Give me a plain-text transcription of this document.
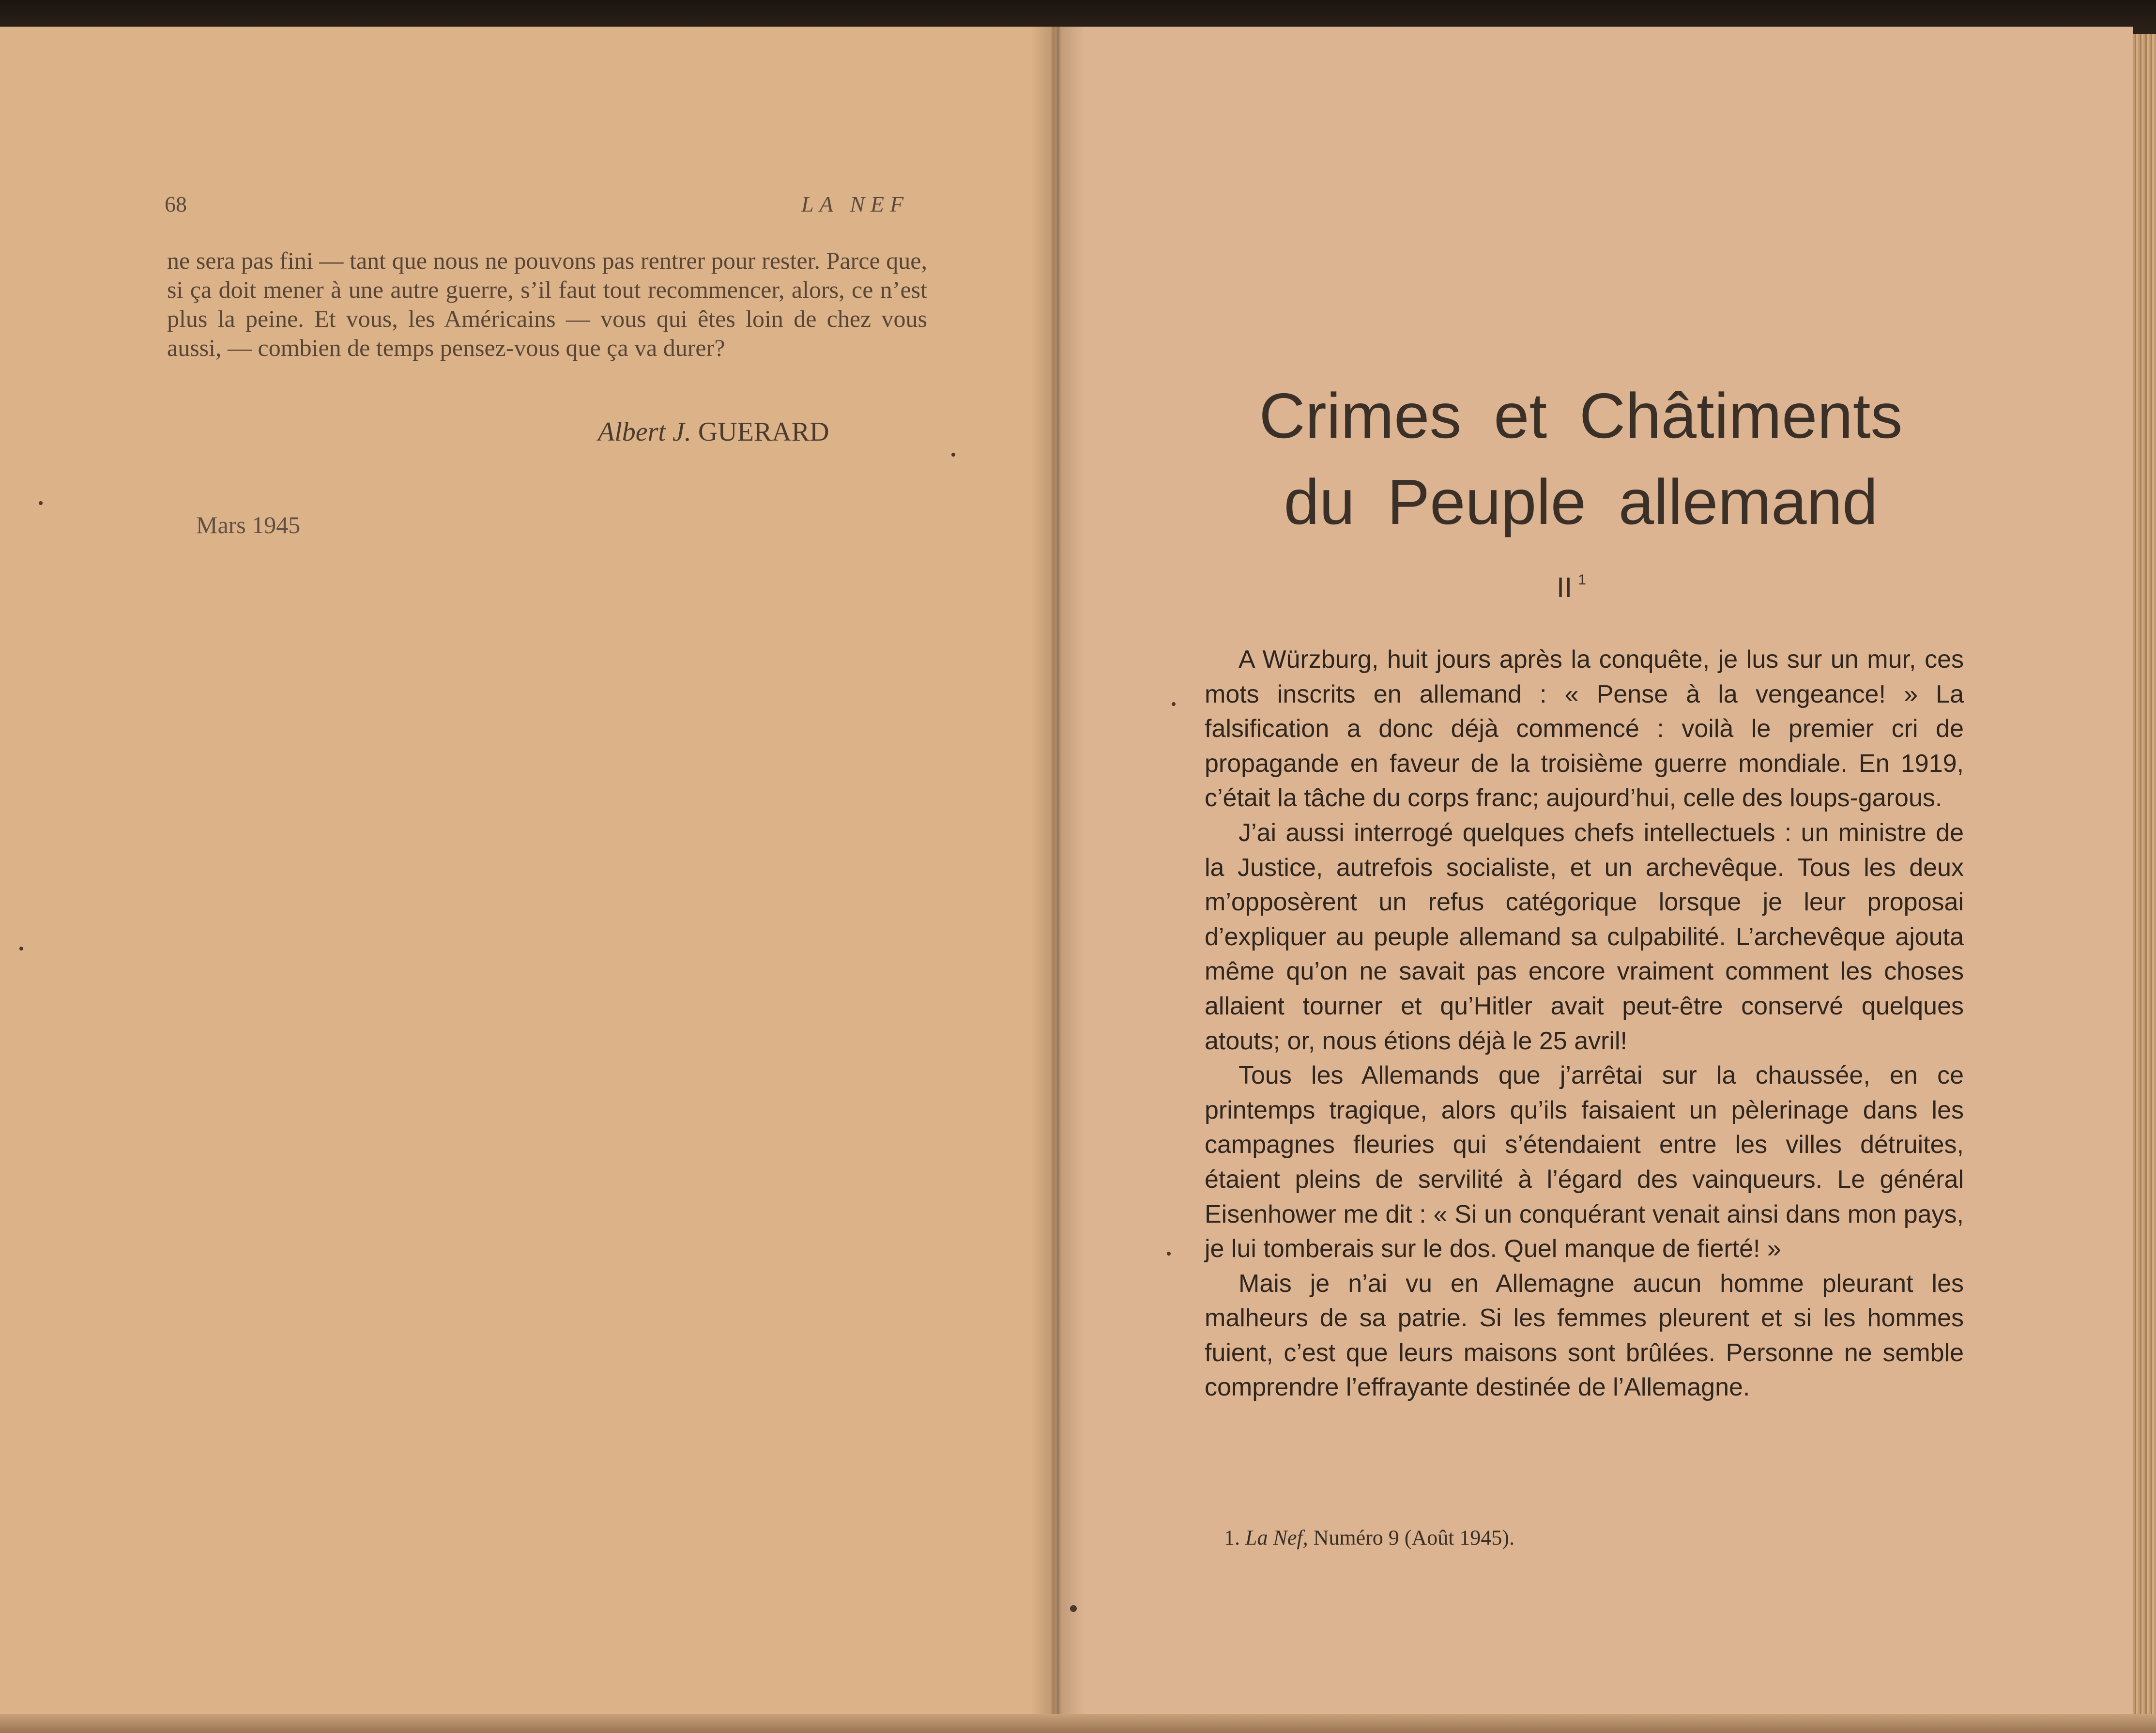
68	LA NEF

ne sera pas fini — tant que nous ne pouvons pas rentrer pour rester. Parce que, si ça doit mener à une autre guerre, s’il faut tout recommencer, alors, ce n’est plus la peine. Et vous, les Américains — vous qui êtes loin de chez vous aussi, — combien de temps pensez-vous que ça va durer?

Albert J. GUERARD
Mars 1945
Crimes et Châtiments
du Peuple allemand
II $^1$

A Würzburg, huit jours après la conquête, je lus sur un mur, ces mots inscrits en allemand : « Pense à la vengeance! » La falsification a donc déjà commencé : voilà le premier cri de propagande en faveur de la troisième guerre mondiale. En 1919, c’était la tâche du corps franc; aujourd’hui, celle des loups-garous.

J’ai aussi interrogé quelques chefs intellectuels : un ministre de la Justice, autrefois socialiste, et un archevêque. Tous les deux m’opposèrent un refus catégorique lorsque je leur proposai d’expliquer au peuple allemand sa culpabilité. L’archevêque ajouta même qu’on ne savait pas encore vraiment comment les choses allaient tourner et qu’Hitler avait peut-être conservé quelques atouts; or, nous étions déjà le 25 avril!

Tous les Allemands que j’arrêtai sur la chaussée, en ce printemps tragique, alors qu’ils faisaient un pèlerinage dans les campagnes fleuries qui s’étendaient entre les villes détruites, étaient pleins de servilité à l’égard des vainqueurs. Le général Eisenhower me dit : « Si un conquérant venait ainsi dans mon pays, je lui tomberais sur le dos. Quel manque de fierté! »

Mais je n’ai vu en Allemagne aucun homme pleurant les malheurs de sa patrie. Si les femmes pleurent et si les hommes fuient, c’est que leurs maisons sont brûlées. Personne ne semble comprendre l’effrayante destinée de l’Allemagne.

1. La Nef, Numéro 9 (Août 1945).
